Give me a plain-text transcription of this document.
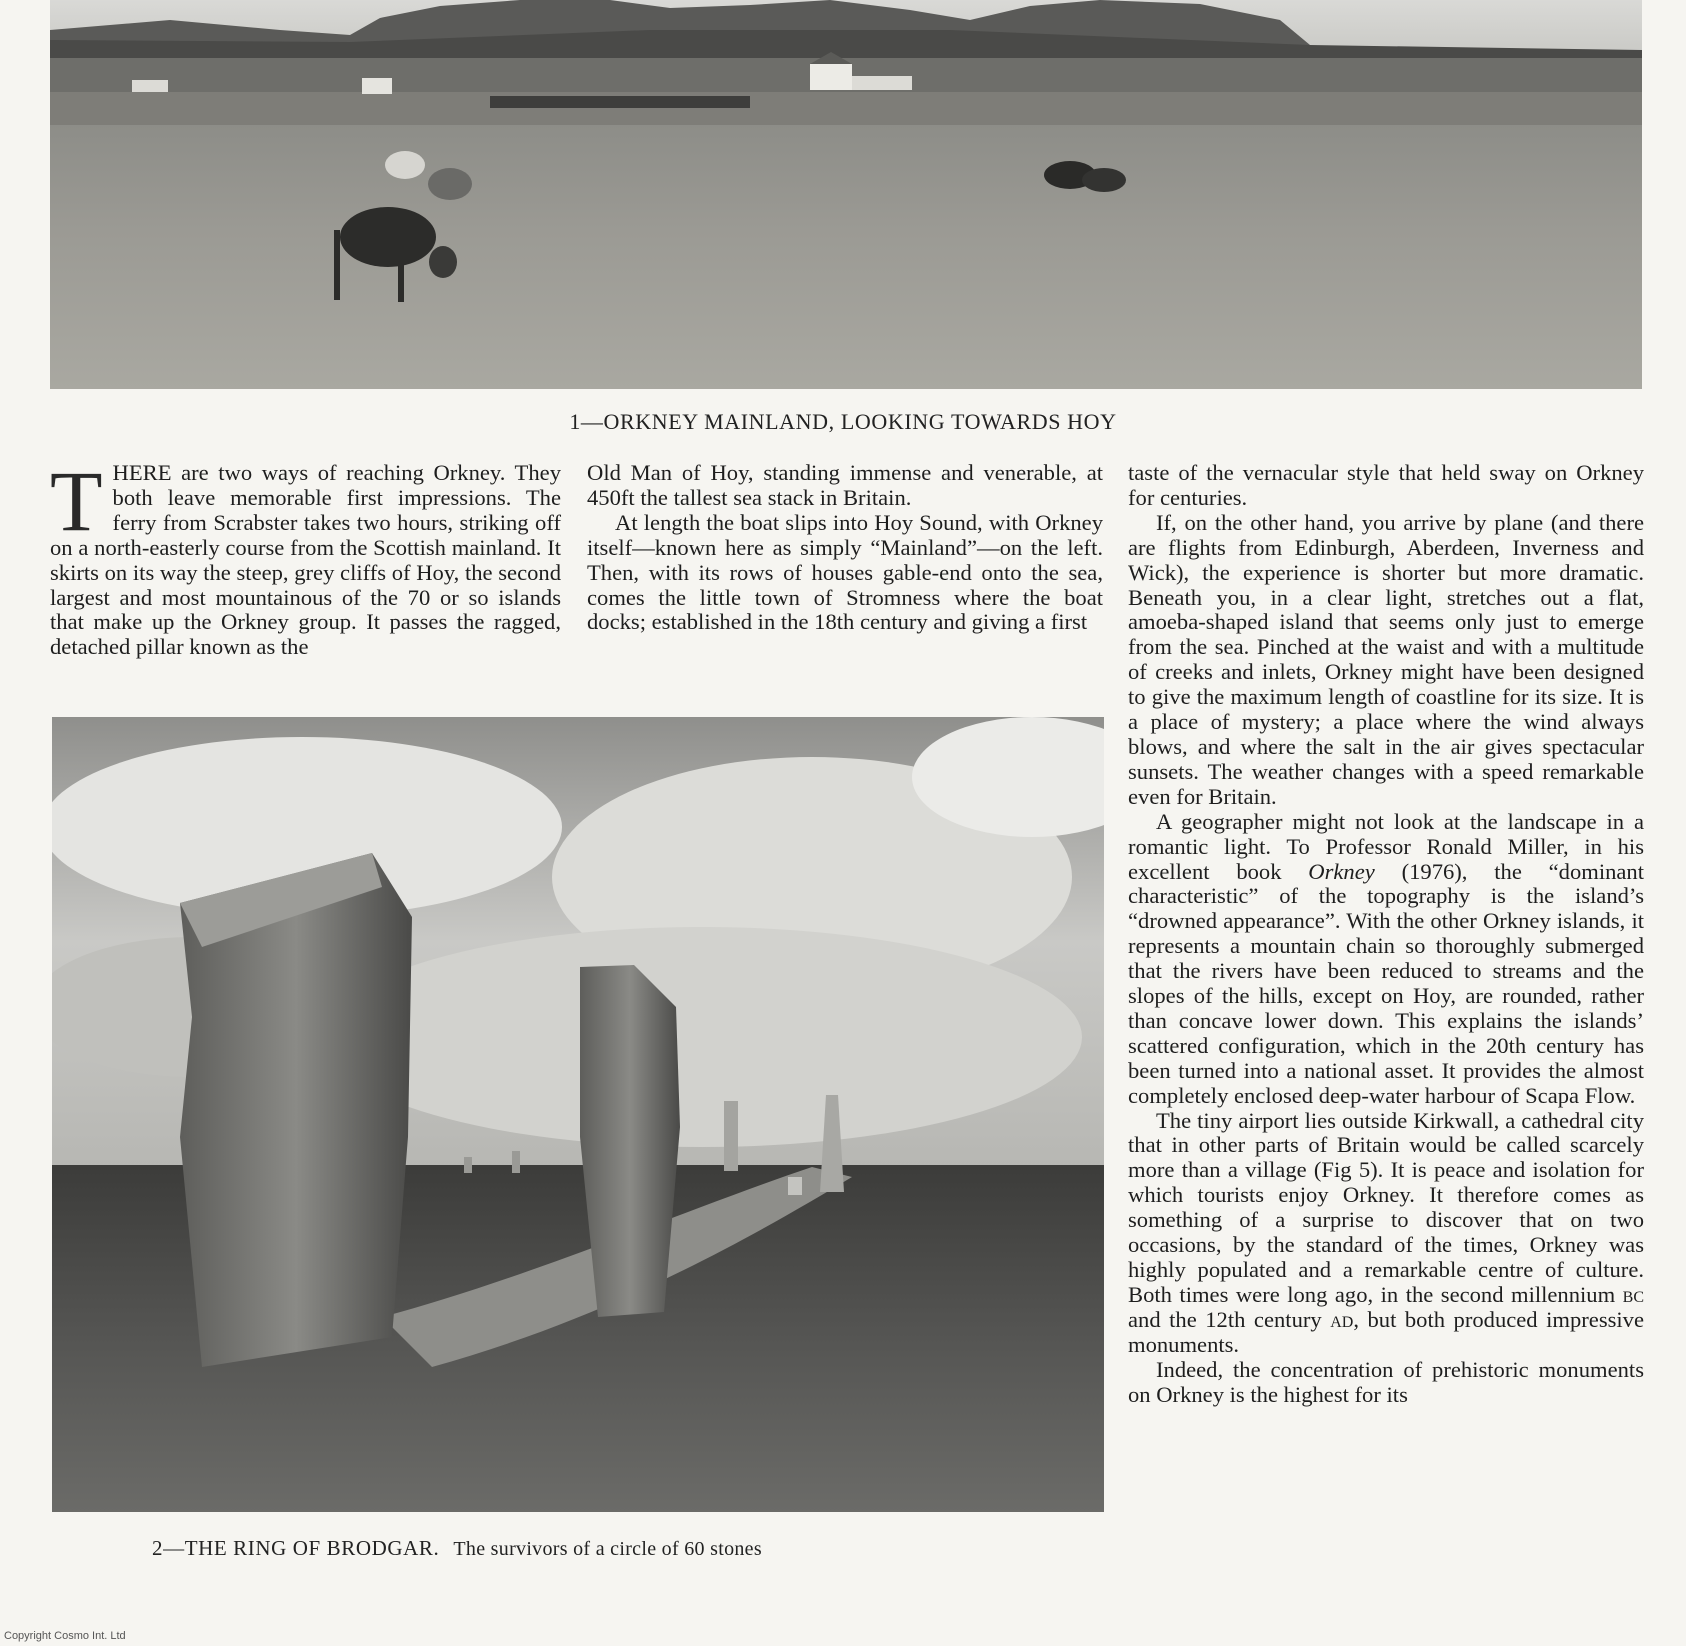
1—ORKNEY MAINLAND, LOOKING TOWARDS HOY

THERE are two ways of reaching Orkney. They both leave memorable first impressions. The ferry from Scrabster takes two hours, striking off on a north-easterly course from the Scottish mainland. It skirts on its way the steep, grey cliffs of Hoy, the second largest and most mountainous of the 70 or so islands that make up the Orkney group. It passes the ragged, detached pillar known as the

Old Man of Hoy, standing immense and venerable, at 450ft the tallest sea stack in Britain.

At length the boat slips into Hoy Sound, with Orkney itself—known here as simply “Mainland”—on the left. Then, with its rows of houses gable-end onto the sea, comes the little town of Stromness where the boat docks; established in the 18th century and giving a first

taste of the vernacular style that held sway on Orkney for centuries.

If, on the other hand, you arrive by plane (and there are flights from Edinburgh, Aberdeen, Inverness and Wick), the experience is shorter but more dramatic. Beneath you, in a clear light, stretches out a flat, amoeba-shaped island that seems only just to emerge from the sea. Pinched at the waist and with a multitude of creeks and inlets, Orkney might have been designed to give the maximum length of coastline for its size. It is a place of mystery; a place where the wind always blows, and where the salt in the air gives spectacular sunsets. The weather changes with a speed remarkable even for Britain.

A geographer might not look at the landscape in a romantic light. To Professor Ronald Miller, in his excellent book Orkney (1976), the “dominant characteristic” of the topography is the island’s “drowned appearance”. With the other Orkney islands, it represents a mountain chain so thoroughly submerged that the rivers have been reduced to streams and the slopes of the hills, except on Hoy, are rounded, rather than concave lower down. This explains the islands’ scattered configuration, which in the 20th century has been turned into a national asset. It provides the almost completely enclosed deep-water harbour of Scapa Flow.

The tiny airport lies outside Kirkwall, a cathedral city that in other parts of Britain would be called scarcely more than a village (Fig 5). It is peace and isolation for which tourists enjoy Orkney. It therefore comes as something of a surprise to discover that on two occasions, by the standard of the times, Orkney was highly populated and a remarkable centre of culture. Both times were long ago, in the second millennium bc and the 12th century ad, but both produced impressive monuments.

Indeed, the concentration of prehistoric monuments on Orkney is the highest for its

2—THE RING OF BRODGAR. The survivors of a circle of 60 stones
Copyright Cosmo Int. Ltd
